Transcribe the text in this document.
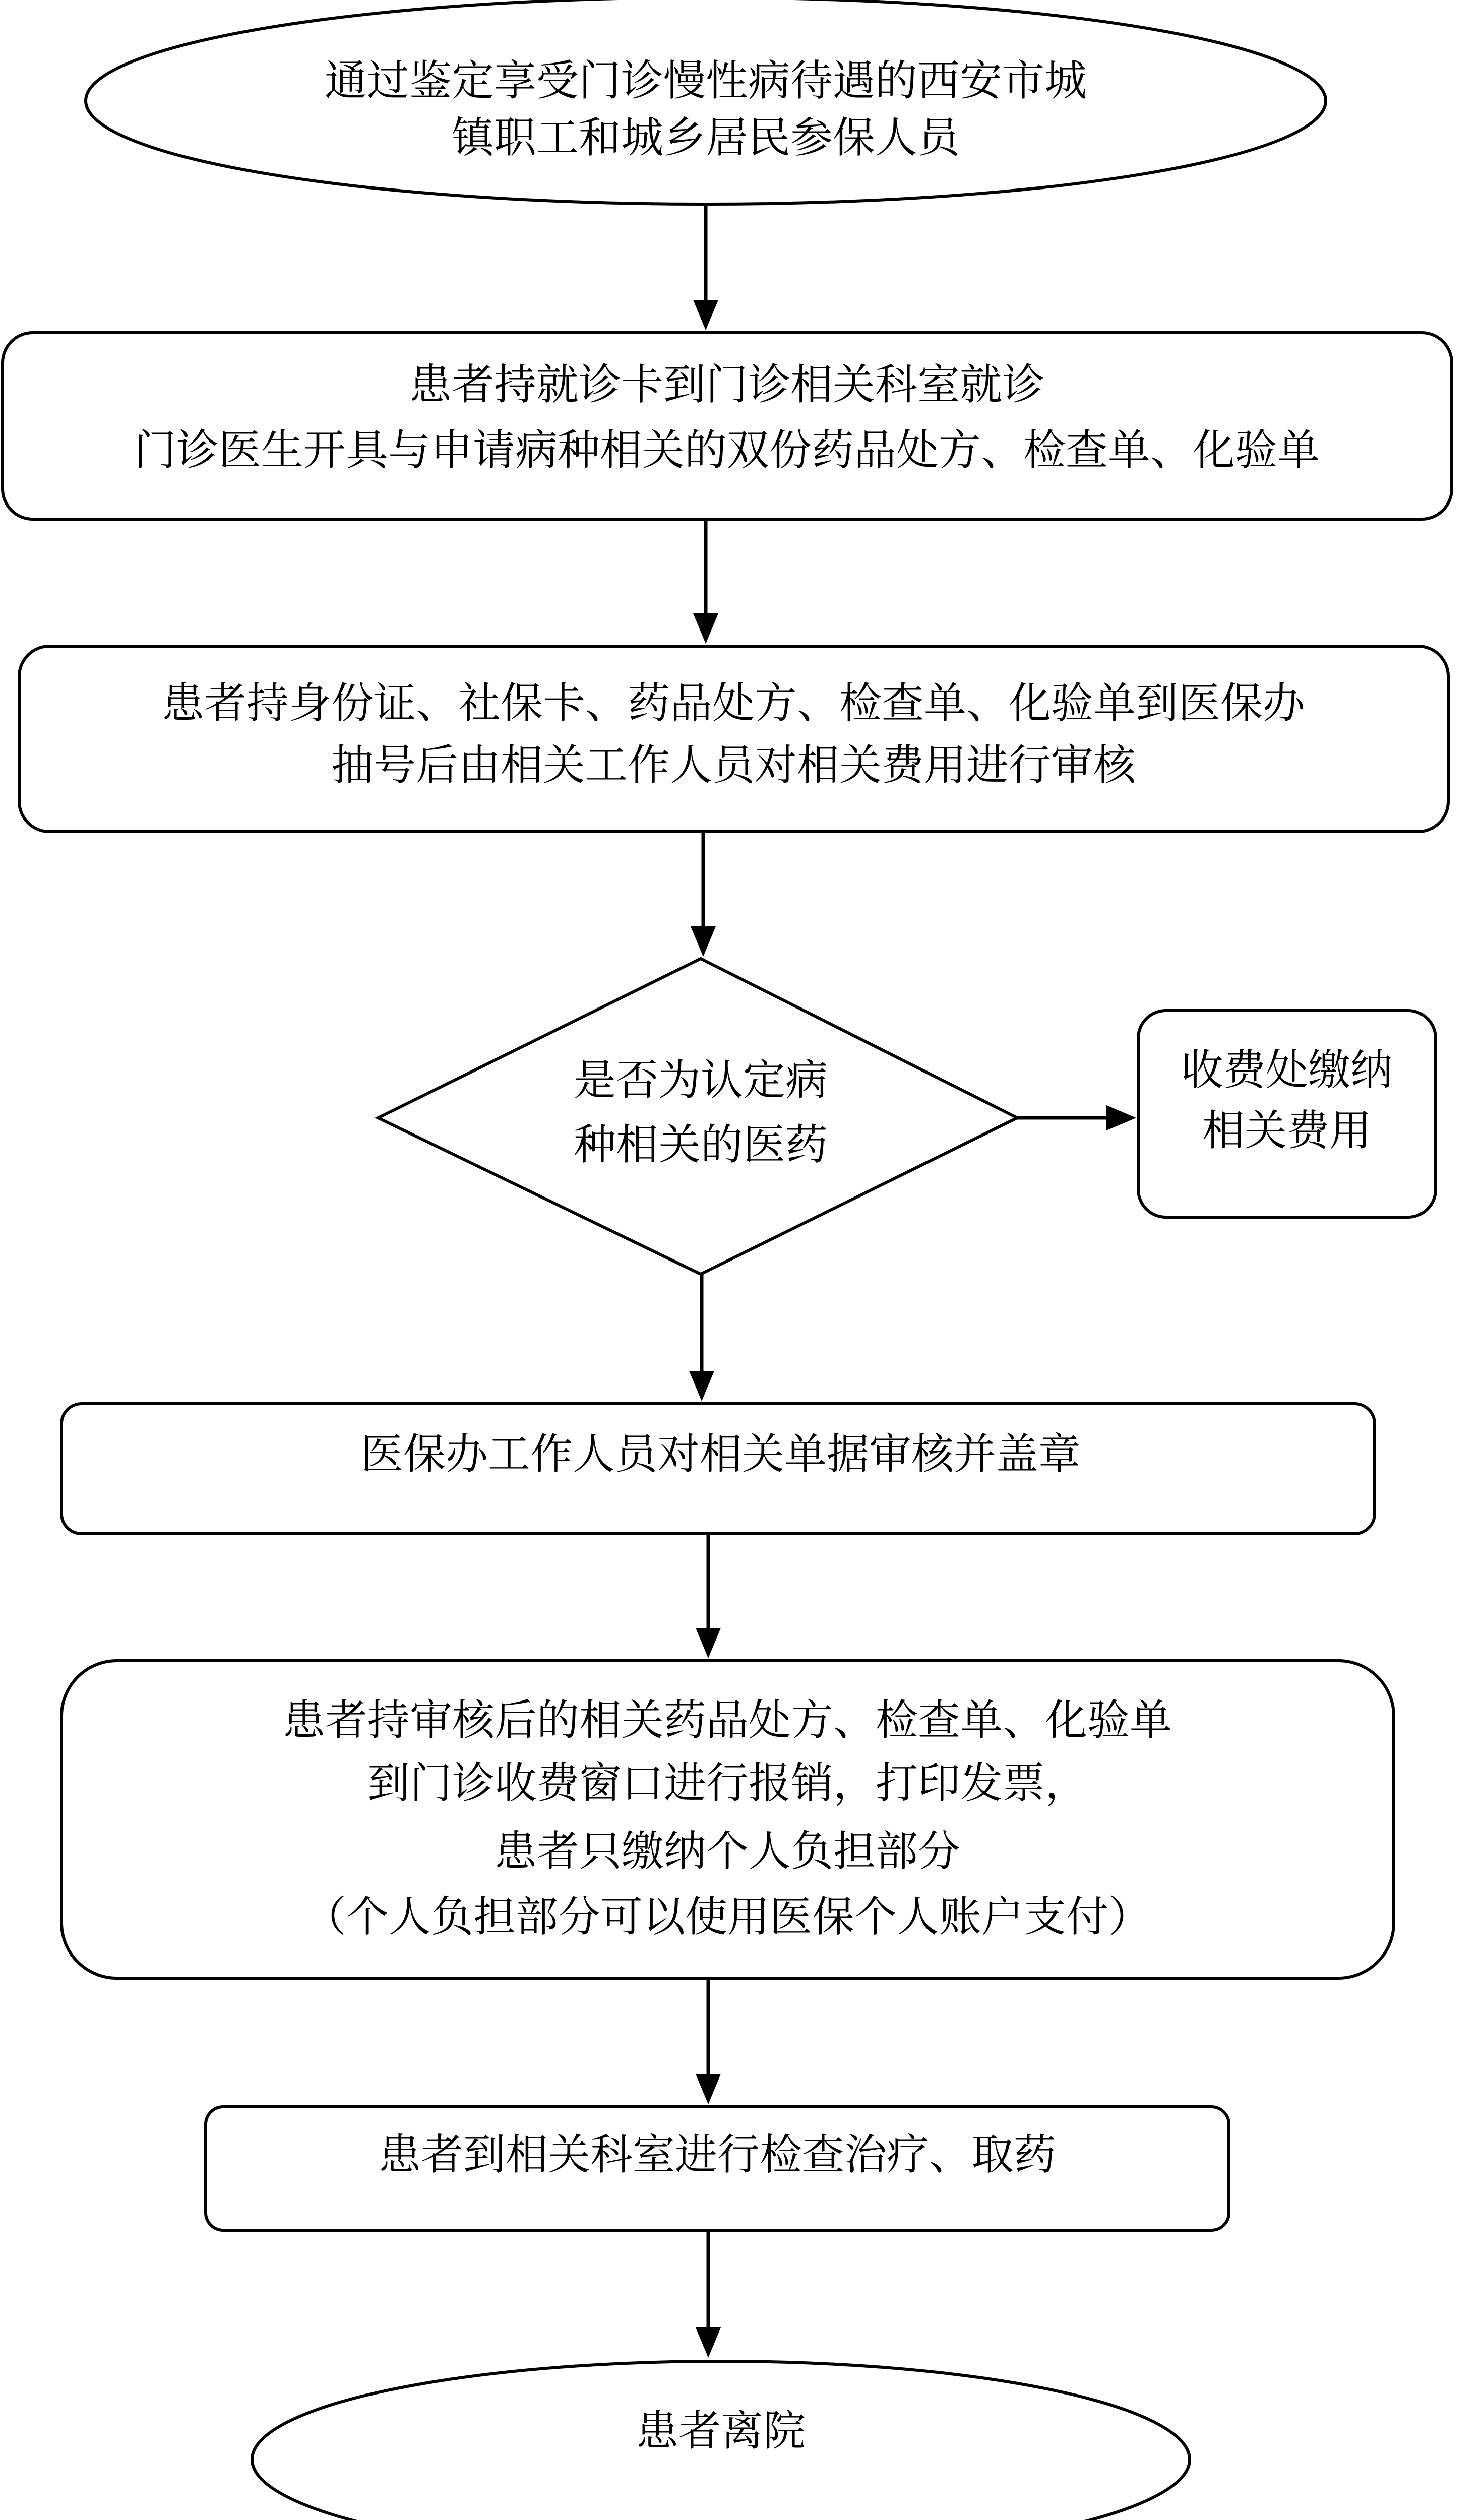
通过鉴定享受门诊慢性病待遇的西安市城
镇职工和城乡居民参保人员
患者持就诊卡到门诊相关科室就诊
门诊医生开具与申请病种相关的双份药品处方、检查单、化验单
患者持身份证、社保卡、药品处方、检查单、化验单到医保办
抽号后由相关工作人员对相关费用进行审核
是否为认定病
种相关的医药
收费处缴纳
相关费用
医保办工作人员对相关单据审核并盖章
患者持审核后的相关药品处方、检查单、化验单
到门诊收费窗口进行报销，打印发票，
患者只缴纳个人负担部分
（个人负担部分可以使用医保个人账户支付）
患者到相关科室进行检查治疗、取药
患者离院
